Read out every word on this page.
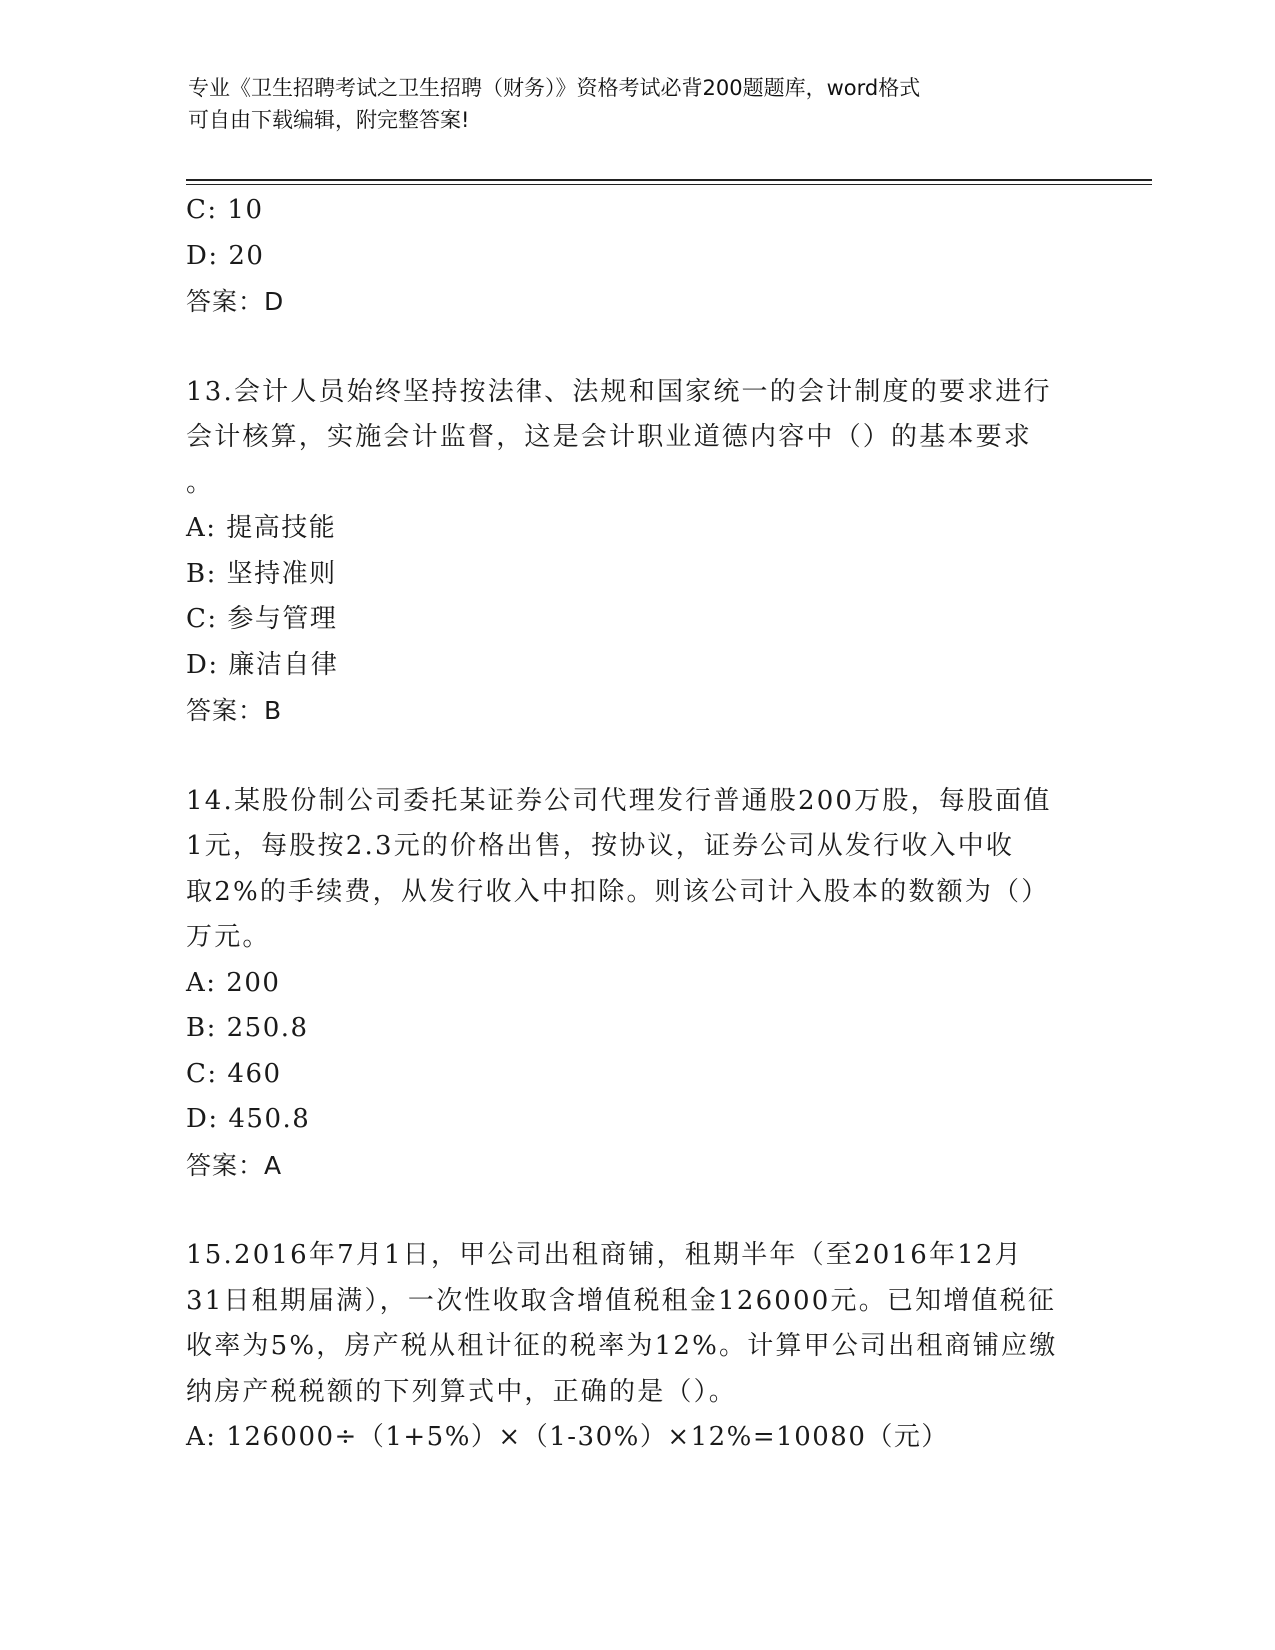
专业《卫生招聘考试之卫生招聘（财务）》资格考试必背200题题库，word格式
可自由下载编辑，附完整答案!
C: 10
D: 20
答案：D
13.会计人员始终坚持按法律、法规和国家统一的会计制度的要求进行
会计核算，实施会计监督，这是会计职业道德内容中（）的基本要求
。
A: 提高技能
B: 坚持准则
C: 参与管理
D: 廉洁自律
答案：B
14.某股份制公司委托某证券公司代理发行普通股200万股，每股面值
1元，每股按2.3元的价格出售，按协议，证券公司从发行收入中收
取2%的手续费，从发行收入中扣除。则该公司计入股本的数额为（）
万元。
A: 200
B: 250.8
C: 460
D: 450.8
答案：A
15.2016年7月1日，甲公司出租商铺，租期半年（至2016年12月
31日租期届满），一次性收取含增值税租金126000元。已知增值税征
收率为5%，房产税从租计征的税率为12%。计算甲公司出租商铺应缴
纳房产税税额的下列算式中，正确的是（）。
A: 126000÷（1+5%）×（1-30%）×12%=10080（元）
